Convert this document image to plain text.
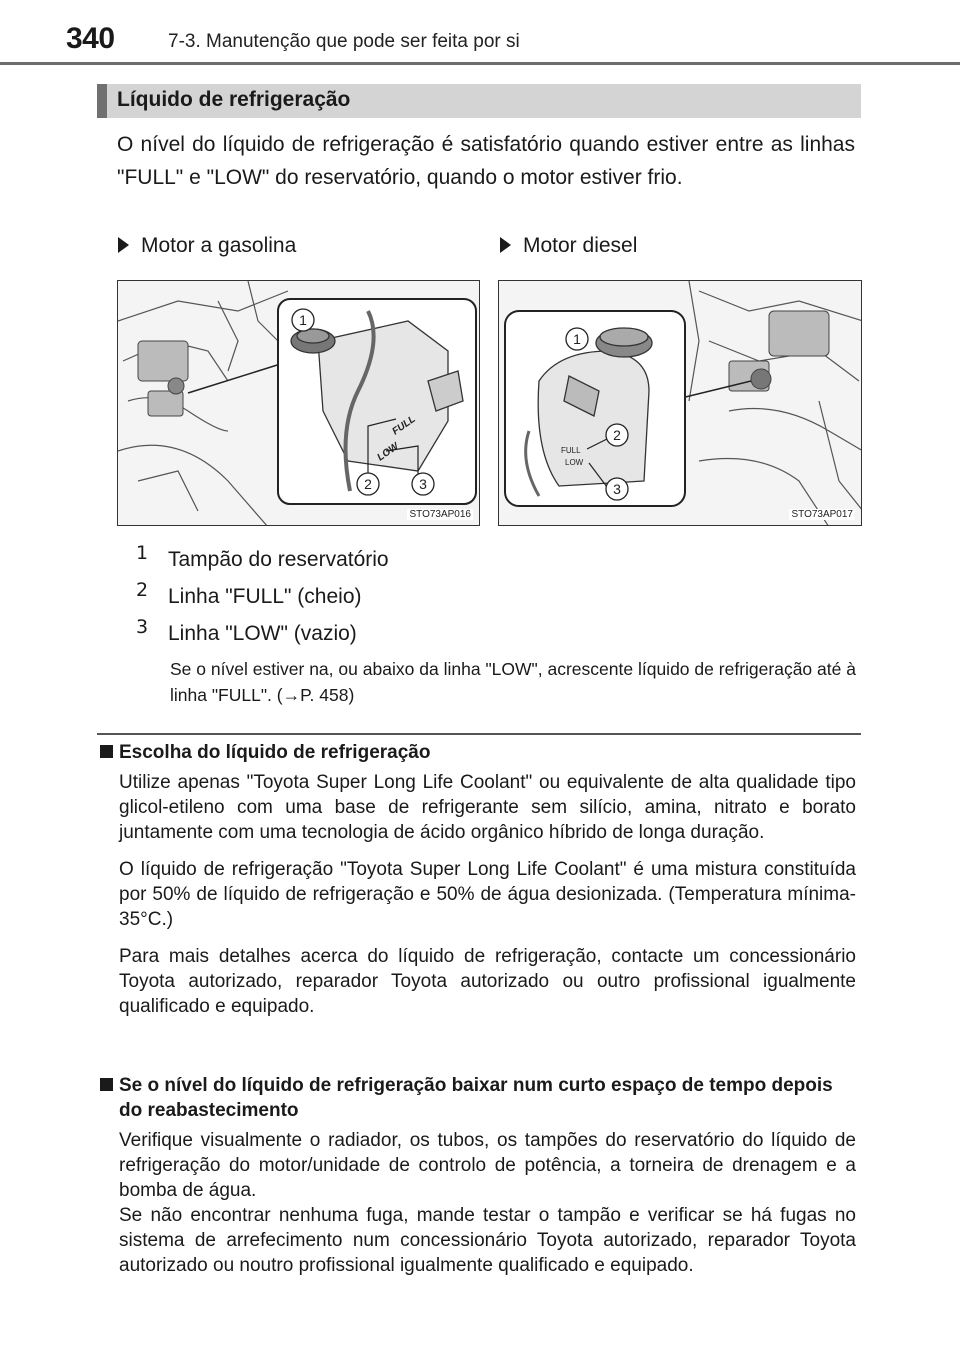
340	7-3. Manutenção que pode ser feita por si
Líquido de refrigeração

O nível do líquido de refrigeração é satisfatório quando estiver entre as linhas "FULL" e "LOW" do reservatório, quando o motor estiver frio.

Motor a gasolina	Motor diesel
FULL
LOW
1
2	3
STO73AP016
FULL
LOW
1
2
3
STO73AP017
1 Tampão do reservatório
2 Linha "FULL" (cheio)
3 Linha "LOW" (vazio)

Se o nível estiver na, ou abaixo da linha "LOW", acrescente líquido de refrigeração até à linha "FULL". (→P. 458)

Escolha do líquido de refrigeração

Utilize apenas "Toyota Super Long Life Coolant" ou equivalente de alta qualidade tipo glicol-etileno com uma base de refrigerante sem silício, amina, nitrato e borato juntamente com uma tecnologia de ácido orgânico híbrido de longa duração.

O líquido de refrigeração "Toyota Super Long Life Coolant" é uma mistura constituída por 50% de líquido de refrigeração e 50% de água desionizada. (Temperatura mínima-35°C.)

Para mais detalhes acerca do líquido de refrigeração, contacte um concessionário Toyota autorizado, reparador Toyota autorizado ou outro profissional igualmente qualificado e equipado.

Se o nível do líquido de refrigeração baixar num curto espaço de tempo depois do reabastecimento

Verifique visualmente o radiador, os tubos, os tampões do reservatório do líquido de refrigeração do motor/unidade de controlo de potência, a torneira de drenagem e a bomba de água.
Se não encontrar nenhuma fuga, mande testar o tampão e verificar se há fugas no sistema de arrefecimento num concessionário Toyota autorizado, reparador Toyota autorizado ou noutro profissional igualmente qualificado e equipado.
